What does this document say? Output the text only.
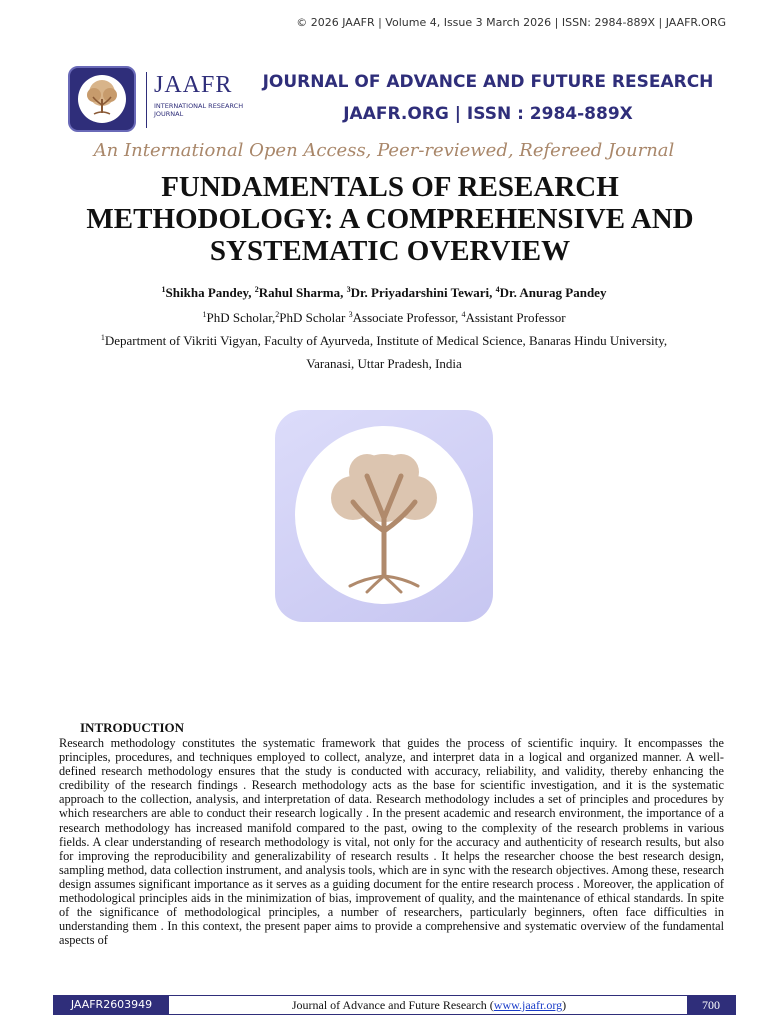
© 2026 JAAFR | Volume 4, Issue 3 March 2026 | ISSN: 2984-889X | JAAFR.ORG
JAAFR
INTERNATIONAL RESEARCH JOURNAL
JOURNAL OF ADVANCE AND FUTURE RESEARCH
JAAFR.ORG | ISSN : 2984-889X
An International Open Access, Peer-reviewed, Refereed Journal
FUNDAMENTALS OF RESEARCH METHODOLOGY: A COMPREHENSIVE AND SYSTEMATIC OVERVIEW
$^1$Shikha Pandey, $^2$Rahul Sharma, $^3$Dr. Priyadarshini Tewari, $^4$Dr. Anurag Pandey
$^1$PhD Scholar,$^2$PhD Scholar $^3$Associate Professor, $^4$Assistant Professor
$^1$Department of Vikriti Vigyan, Faculty of Ayurveda, Institute of Medical Science, Banaras Hindu University,
Varanasi, Uttar Pradesh, India
INTRODUCTION
Research methodology constitutes the systematic framework that guides the process of scientific inquiry. It encompasses the principles, procedures, and techniques employed to collect, analyze, and interpret data in a logical and organized manner. A well-defined research methodology ensures that the study is conducted with accuracy, reliability, and validity, thereby enhancing the credibility of the research findings . Research methodology acts as the base for scientific investigation, and it is the systematic approach to the collection, analysis, and interpretation of data. Research methodology includes a set of principles and procedures by which researchers are able to conduct their research logically . In the present academic and research environment, the importance of a research methodology has increased manifold compared to the past, owing to the complexity of the research problems in various fields. A clear understanding of research methodology is vital, not only for the accuracy and authenticity of research results, but also for improving the reproducibility and generalizability of research results . It helps the researcher choose the best research design, sampling method, data collection instrument, and analysis tools, which are in sync with the research objectives. Among these, research design assumes significant importance as it serves as a guiding document for the entire research process . Moreover, the application of methodological principles aids in the minimization of bias, improvement of quality, and the maintenance of ethical standards. In spite of the significance of methodological principles, a number of researchers, particularly beginners, often face difficulties in understanding them . In this context, the present paper aims to provide a comprehensive and systematic overview of the fundamental aspects of
JAAFR2603949	Journal of Advance and Future Research (www.jaafr.org)	700
